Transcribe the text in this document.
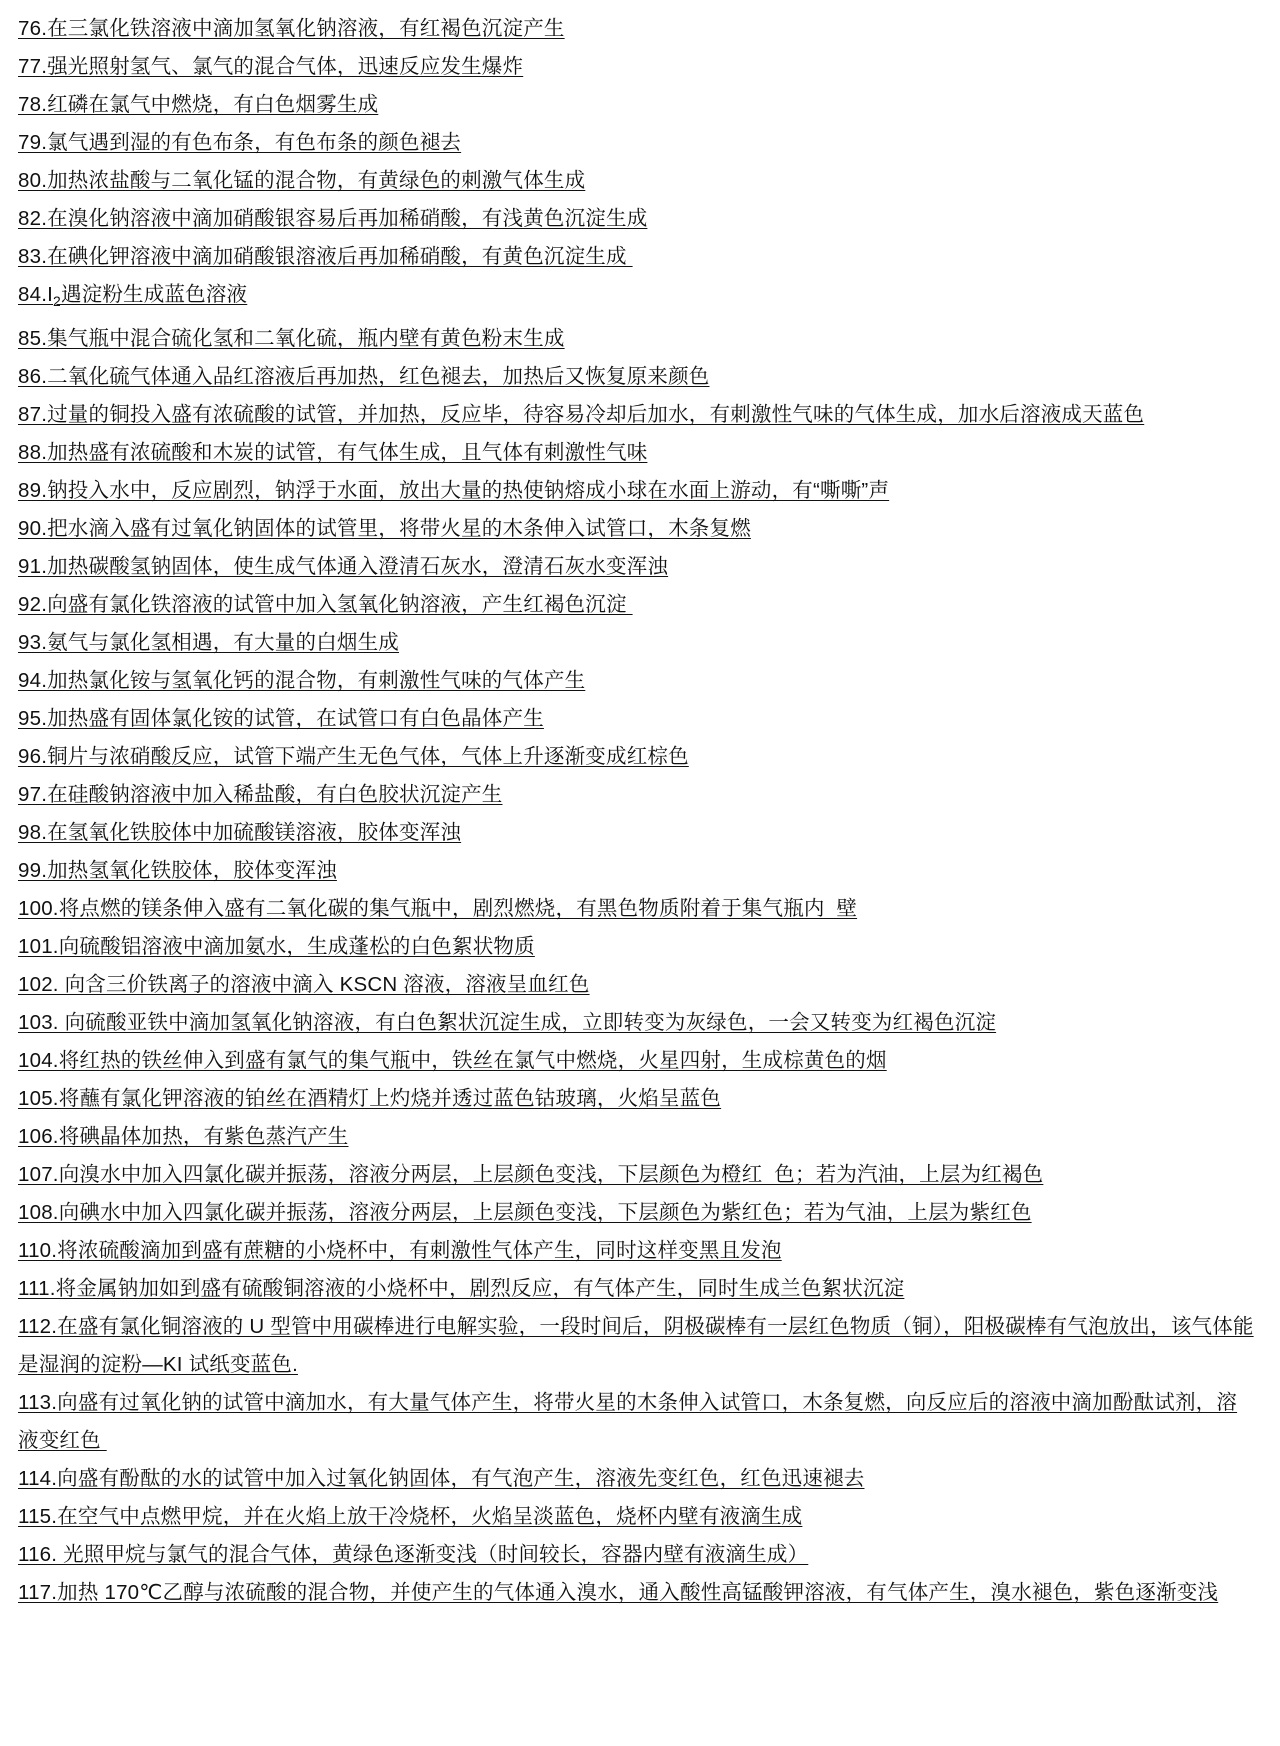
76.在三氯化铁溶液中滴加氢氧化钠溶液，有红褐色沉淀产生
77.强光照射氢气、氯气的混合气体，迅速反应发生爆炸
78.红磷在氯气中燃烧，有白色烟雾生成
79.氯气遇到湿的有色布条，有色布条的颜色褪去
80.加热浓盐酸与二氧化锰的混合物，有黄绿色的刺激气体生成
82.在溴化钠溶液中滴加硝酸银容易后再加稀硝酸，有浅黄色沉淀生成
83.在碘化钾溶液中滴加硝酸银溶液后再加稀硝酸，有黄色沉淀生成
$84.I_2$遇淀粉生成蓝色溶液
85.集气瓶中混合硫化氢和二氧化硫，瓶内壁有黄色粉末生成
86.二氧化硫气体通入品红溶液后再加热，红色褪去，加热后又恢复原来颜色
87.过量的铜投入盛有浓硫酸的试管，并加热，反应毕，待容易冷却后加水，有刺激性气味的气体生成，加水后溶液成天蓝色
88.加热盛有浓硫酸和木炭的试管，有气体生成，且气体有刺激性气味
89.钠投入水中，反应剧烈，钠浮于水面，放出大量的热使钠熔成小球在水面上游动，有“嘶嘶”声
90.把水滴入盛有过氧化钠固体的试管里，将带火星的木条伸入试管口，木条复燃
91.加热碳酸氢钠固体，使生成气体通入澄清石灰水，澄清石灰水变浑浊
92.向盛有氯化铁溶液的试管中加入氢氧化钠溶液，产生红褐色沉淀
93.氨气与氯化氢相遇，有大量的白烟生成
94.加热氯化铵与氢氧化钙的混合物，有刺激性气味的气体产生
95.加热盛有固体氯化铵的试管，在试管口有白色晶体产生
96.铜片与浓硝酸反应，试管下端产生无色气体，气体上升逐渐变成红棕色
97.在硅酸钠溶液中加入稀盐酸，有白色胶状沉淀产生
98.在氢氧化铁胶体中加硫酸镁溶液，胶体变浑浊
99.加热氢氧化铁胶体，胶体变浑浊
100.将点燃的镁条伸入盛有二氧化碳的集气瓶中，剧烈燃烧，有黑色物质附着于集气瓶内  壁
101.向硫酸铝溶液中滴加氨水，生成蓬松的白色絮状物质
102. 向含三价铁离子的溶液中滴入 KSCN 溶液，溶液呈血红色
103. 向硫酸亚铁中滴加氢氧化钠溶液，有白色絮状沉淀生成，立即转变为灰绿色，一会又转变为红褐色沉淀
104.将红热的铁丝伸入到盛有氯气的集气瓶中，铁丝在氯气中燃烧，火星四射，生成棕黄色的烟
105.将蘸有氯化钾溶液的铂丝在酒精灯上灼烧并透过蓝色钴玻璃，火焰呈蓝色
106.将碘晶体加热，有紫色蒸汽产生
107.向溴水中加入四氯化碳并振荡，溶液分两层，上层颜色变浅，下层颜色为橙红  色；若为汽油，上层为红褐色
108.向碘水中加入四氯化碳并振荡，溶液分两层，上层颜色变浅，下层颜色为紫红色；若为气油，上层为紫红色
110.将浓硫酸滴加到盛有蔗糖的小烧杯中，有刺激性气体产生，同时这样变黑且发泡
111.将金属钠加如到盛有硫酸铜溶液的小烧杯中，剧烈反应，有气体产生，同时生成兰色絮状沉淀
112.在盛有氯化铜溶液的 U 型管中用碳棒进行电解实验，一段时间后，阴极碳棒有一层红色物质（铜），阳极碳棒有气泡放出，该气体能是湿润的淀粉—KI 试纸变蓝色.
113.向盛有过氧化钠的试管中滴加水，有大量气体产生，将带火星的木条伸入试管口，木条复燃，向反应后的溶液中滴加酚酞试剂，溶液变红色
114.向盛有酚酞的水的试管中加入过氧化钠固体，有气泡产生，溶液先变红色，红色迅速褪去
115.在空气中点燃甲烷，并在火焰上放干冷烧杯，火焰呈淡蓝色，烧杯内壁有液滴生成
116. 光照甲烷与氯气的混合气体，黄绿色逐渐变浅（时间较长，容器内壁有液滴生成）
117.加热 170℃乙醇与浓硫酸的混合物，并使产生的气体通入溴水，通入酸性高锰酸钾溶液，有气体产生，溴水褪色，紫色逐渐变浅
